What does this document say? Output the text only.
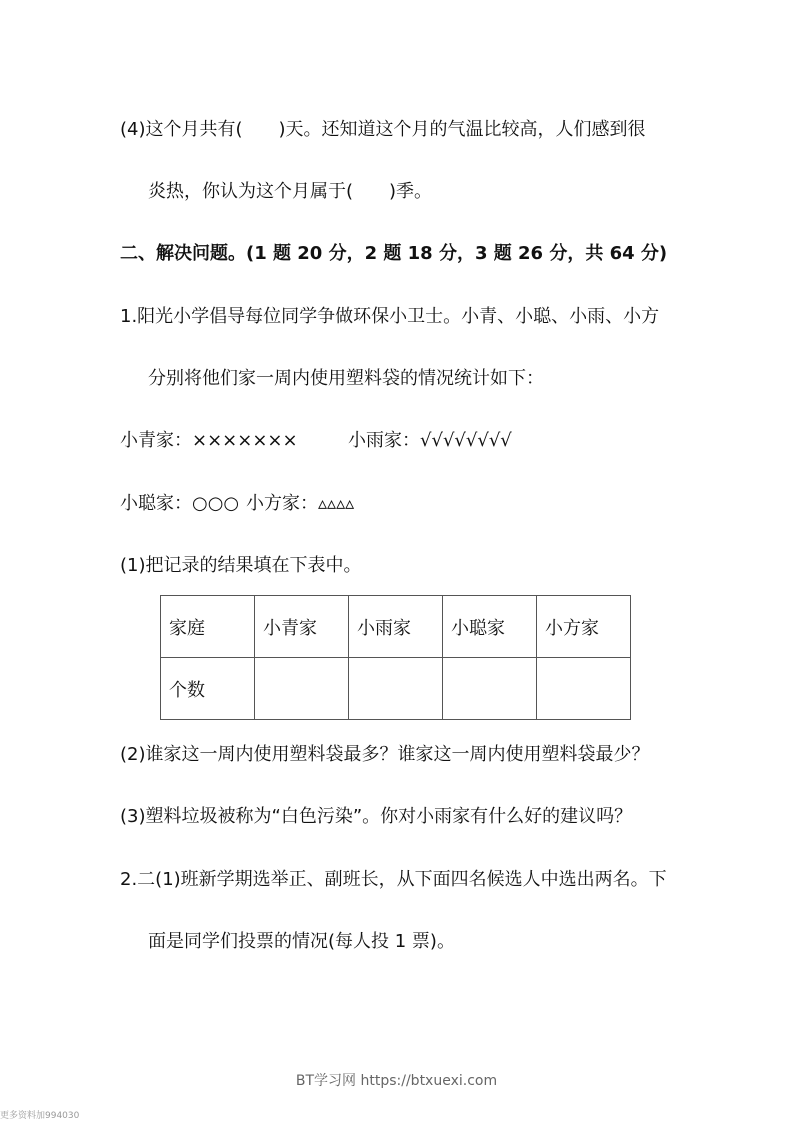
(4)这个月共有(　　)天。还知道这个月的气温比较高，人们感到很
炎热，你认为这个月属于(　　)季。
二、解决问题。(1 题 20 分，2 题 18 分，3 题 26 分，共 64 分)
1.阳光小学倡导每位同学争做环保小卫士。小青、小聪、小雨、小方
分别将他们家一周内使用塑料袋的情况统计如下：
小青家：×××××××	小雨家：√√√√√√√√
小聪家：○○○ 小方家：▵▵▵▵
(1)把记录的结果填在下表中。
家庭	小青家	小雨家	小聪家	小方家
个数				
(2)谁家这一周内使用塑料袋最多？谁家这一周内使用塑料袋最少？
(3)塑料垃圾被称为“白色污染”。你对小雨家有什么好的建议吗？
2.二(1)班新学期选举正、副班长，从下面四名候选人中选出两名。下
面是同学们投票的情况(每人投 1 票)。
BT学习网 https://btxuexi.com
更多资料加994030
